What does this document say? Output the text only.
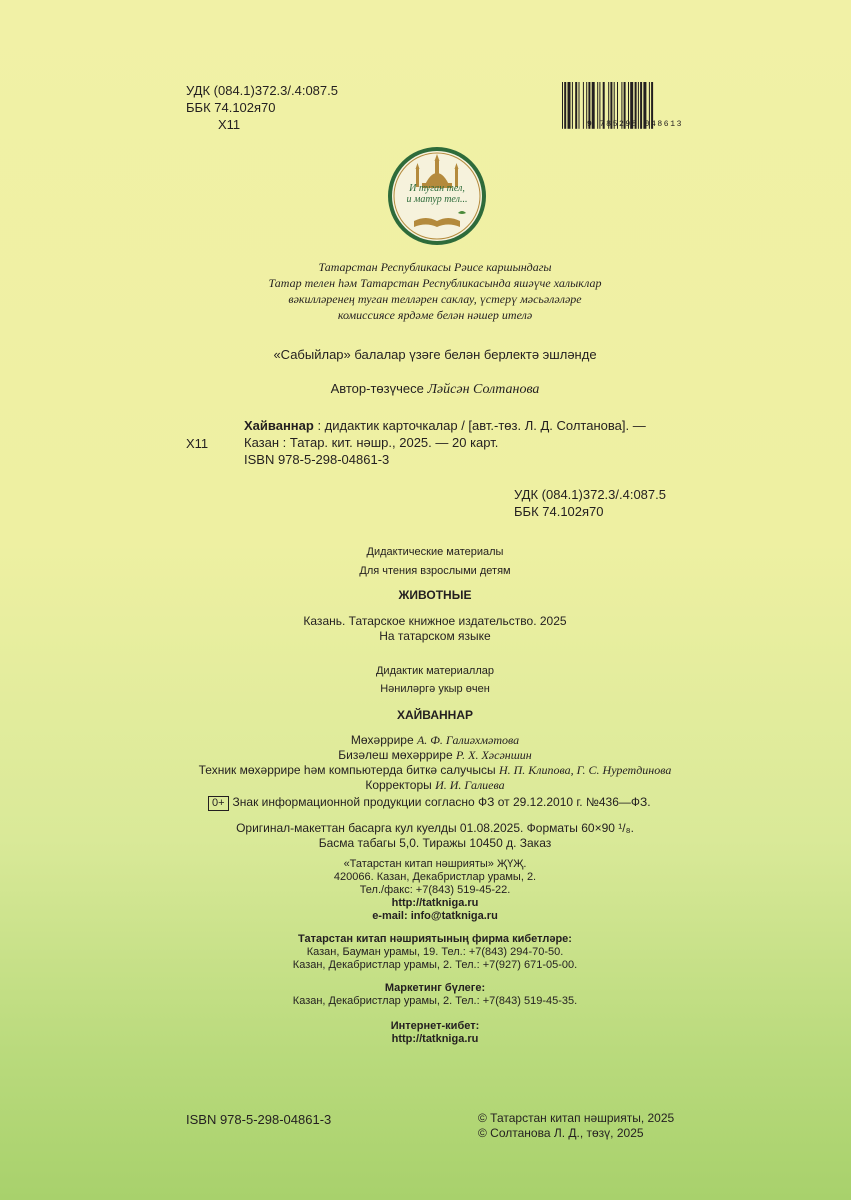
УДК (084.1)372.3/.4:087.5
ББК 74.102я70
Х11	9 785298 048613
И туган тел,
и матур тел...
Татарстан Республикасы Рәисе каршындагы
Татар телен һәм Татарстан Республикасында яшәүче халыклар
вәкилләренең туган телләрен саклау, үстерү мәсьәләләре
комиссиясе ярдәме белән нәшер ителә
«Сабыйлар» балалар үзәге белән берлектә эшләнде
Автор-төзүчесе Ләйсән Солтанова
Х11
Хайваннар : дидактик карточкалар / [авт.-төз. Л. Д. Солтанова]. —
Казан : Татар. кит. нәшр., 2025. — 20 карт.
ISBN 978-5-298-04861-3
УДК (084.1)372.3/.4:087.5
ББК 74.102я70
Дидактические материалы
Для чтения взрослыми детям
ЖИВОТНЫЕ
Казань. Татарское книжное издательство. 2025
На татарском языке
Дидактик материаллар
Нәниләргә укыр өчен
ХАЙВАННАР
Мөхәррире А. Ф. Галиәхмәтова
Бизәлеш мөхәррире Р. Х. Хәсәншин
Техник мөхәррире һәм компьютерда биткә салучысы Н. П. Клипова, Г. С. Нуретдинова
Корректоры И. И. Галиева
0+ Знак информационной продукции согласно ФЗ от 29.12.2010 г. №436—ФЗ.
Оригинал-макеттан басарга кул куелды 01.08.2025. Форматы 60×90 ¹/₈.
Басма табагы 5,0. Тиражы 10450 д. Заказ
«Татарстан китап нәшрияты» ҖҮҖ.
420066. Казан, Декабристлар урамы, 2.
Тел./факс: +7(843) 519-45-22.
http://tatkniga.ru
e-mail: info@tatkniga.ru
Татарстан китап нәшриятының фирма кибетләре:
Казан, Бауман урамы, 19. Тел.: +7(843) 294-70-50.
Казан, Декабристлар урамы, 2. Тел.: +7(927) 671-05-00.
Маркетинг бүлеге:
Казан, Декабристлар урамы, 2. Тел.: +7(843) 519-45-35.
Интернет-кибет:
http://tatkniga.ru
ISBN 978-5-298-04861-3	© Татарстан китап нәшрияты, 2025
© Солтанова Л. Д., төзү, 2025
